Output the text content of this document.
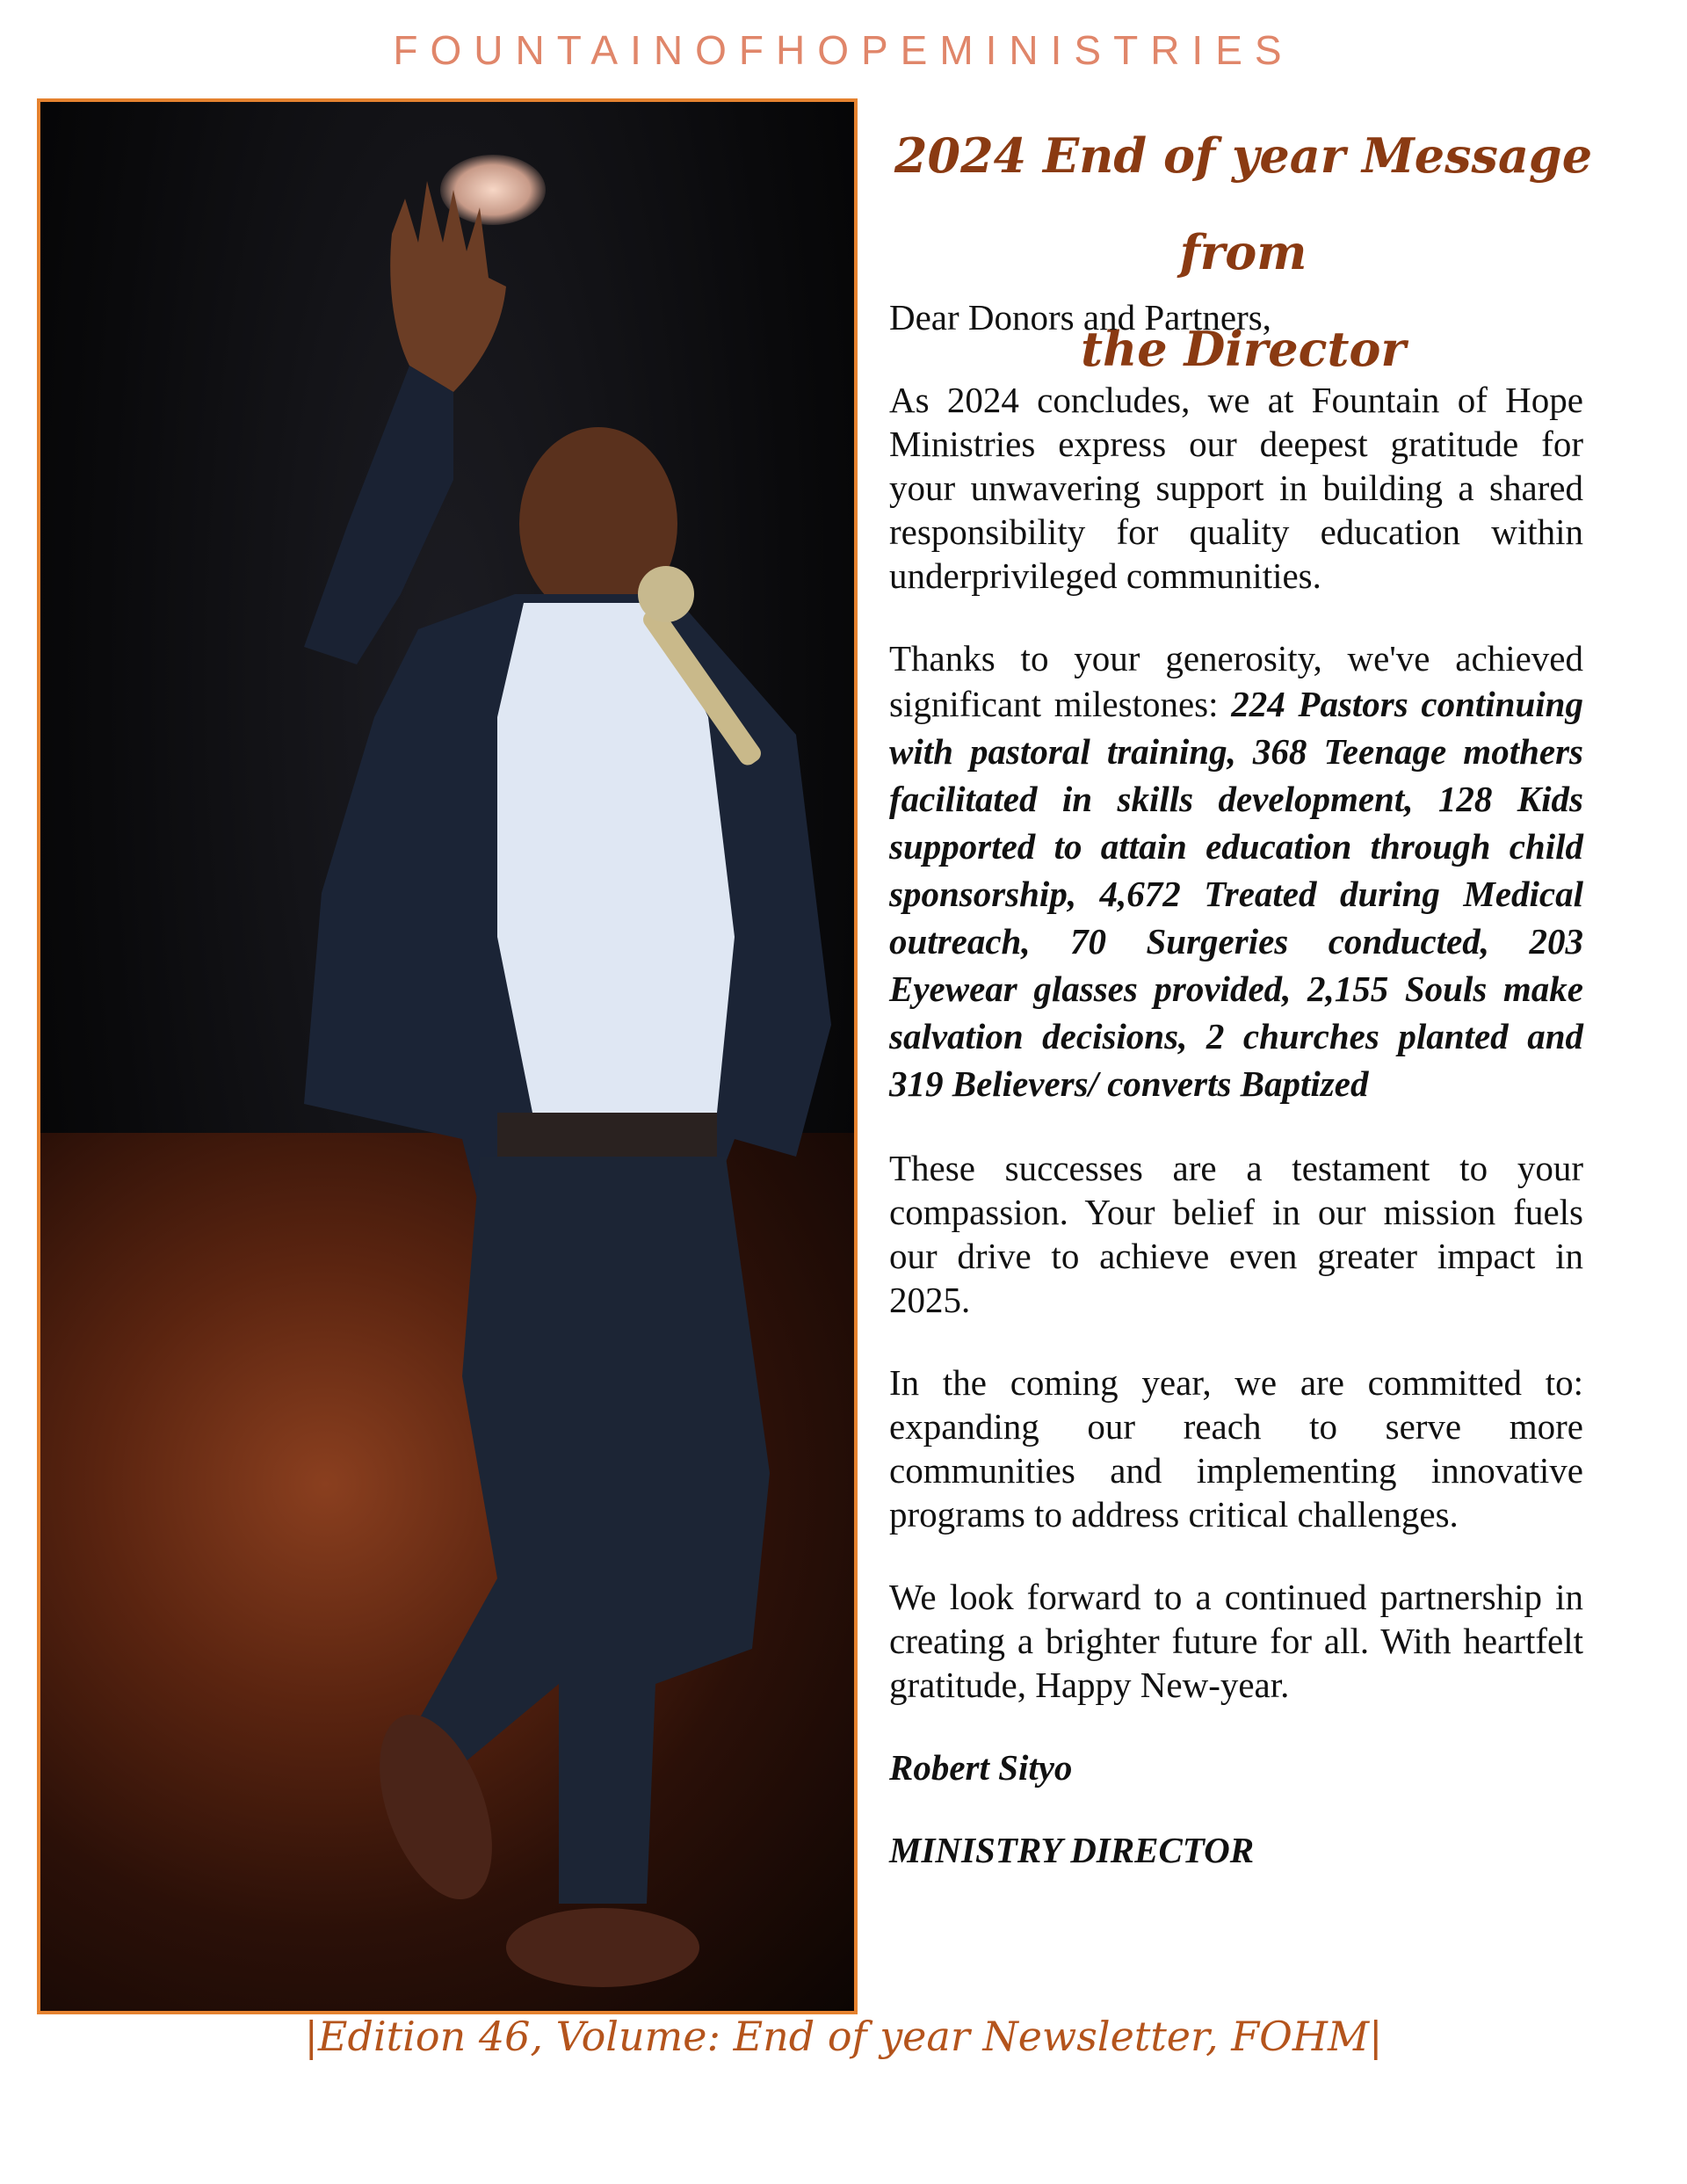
FOUNTAINOFHOPEMINISTRIES
2024 End of year Message from
the Director

Dear Donors and Partners,

As 2024 concludes, we at Fountain of Hope Ministries express our deepest gratitude for your unwavering support in building a shared responsibility for quality education within underprivileged communities.

Thanks to your generosity, we've achieved significant milestones: 224 Pastors continuing with pastoral training, 368 Teenage mothers facilitated in skills development, 128 Kids supported to attain education through child sponsorship, 4,672 Treated during Medical outreach, 70 Surgeries conducted, 203 Eyewear glasses provided, 2,155 Souls make salvation decisions, 2 churches planted and 319 Believers/ converts Baptized

These successes are a testament to your compassion. Your belief in our mission fuels our drive to achieve even greater impact in 2025.

In the coming year, we are committed to: expanding our reach to serve more communities and implementing innovative programs to address critical challenges.

We look forward to a continued partnership in creating a brighter future for all. With heartfelt gratitude, Happy New-year.

Robert Sityo

MINISTRY DIRECTOR

|Edition 46, Volume: End of year Newsletter, FOHM|
